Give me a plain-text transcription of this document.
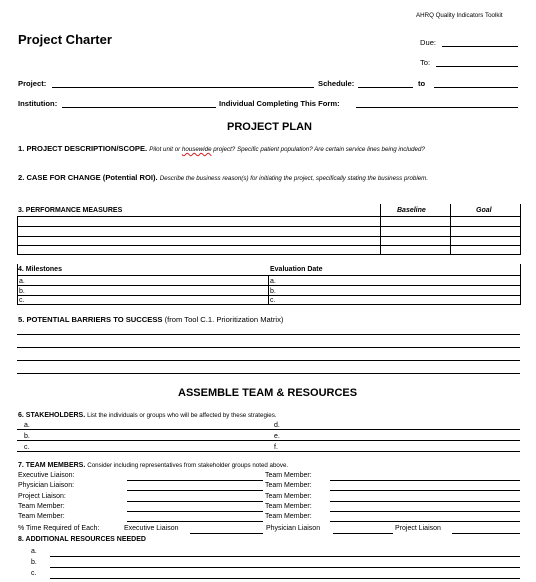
AHRQ Quality Indicators Toolkit
Project Charter	Due:
To:
Project:	Schedule:	to
Institution:	Individual Completing This Form:
PROJECT PLAN
1. PROJECT DESCRIPTION/SCOPE. Pilot unit or housewide project? Specific patient population? Are certain service lines being included?
2. CASE FOR CHANGE (Potential ROI). Describe the business reason(s) for initiating the project, specifically stating the business problem.
3. PERFORMANCE MEASURES	Baseline	Goal
4. Milestones	Evaluation Date
a.	a.
b.	b.
c.	c.
5. POTENTIAL BARRIERS TO SUCCESS (from Tool C.1. Prioritization Matrix)
ASSEMBLE TEAM & RESOURCES
6. STAKEHOLDERS. List the individuals or groups who will be affected by these strategies.
a.	d.
b.	e.
c.	f.
7. TEAM MEMBERS. Consider including representatives from stakeholder groups noted above.
Executive Liaison:	Team Member:
Physician Liaison:	Team Member:
Project Liaison:	Team Member:
Team Member:	Team Member:
Team Member:	Team Member:
% Time Required of Each:	Executive Liaison	Physician Liaison	Project Liaison
8. ADDITIONAL RESOURCES NEEDED
a.
b.
c.
